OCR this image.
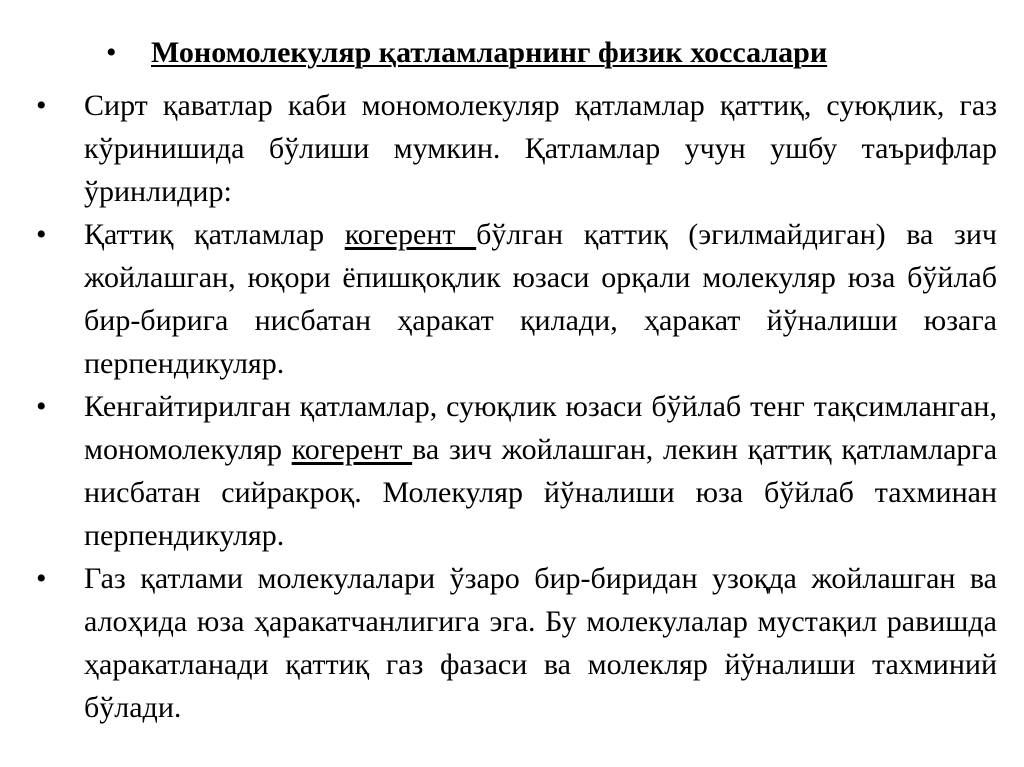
• Мономолекуляр қатламларнинг физик хоссалари
•	Сирт қаватлар каби мономолекуляр қатламлар қаттиқ, суюқлик, газ кўринишида бўлиши мумкин. Қатламлар учун ушбу таърифлар ўринлидир:
•	Қаттиқ қатламлар когерент бўлган қаттиқ (эгилмайдиган) ва зич жойлашган, юқори ёпишқоқлик юзаси орқали молекуляр юза бўйлаб бир-бирига нисбатан ҳаракат қилади, ҳаракат йўналиши юзага перпендикуляр.
•	Кенгайтирилган қатламлар, суюқлик юзаси бўйлаб тенг тақсимланган, мономолекуляр когерент ва зич жойлашган, лекин қаттиқ қатламларга нисбатан сийракроқ. Молекуляр йўналиши юза бўйлаб тахминан перпендикуляр.
•	Газ қатлами молекулалари ўзаро бир-биридан узоқда жойлашган ва алоҳида юза ҳаракатчанлигига эга. Бу молекулалар мустақил равишда ҳаракатланади қаттиқ газ фазаси ва молекляр йўналиши тахминий бўлади.
